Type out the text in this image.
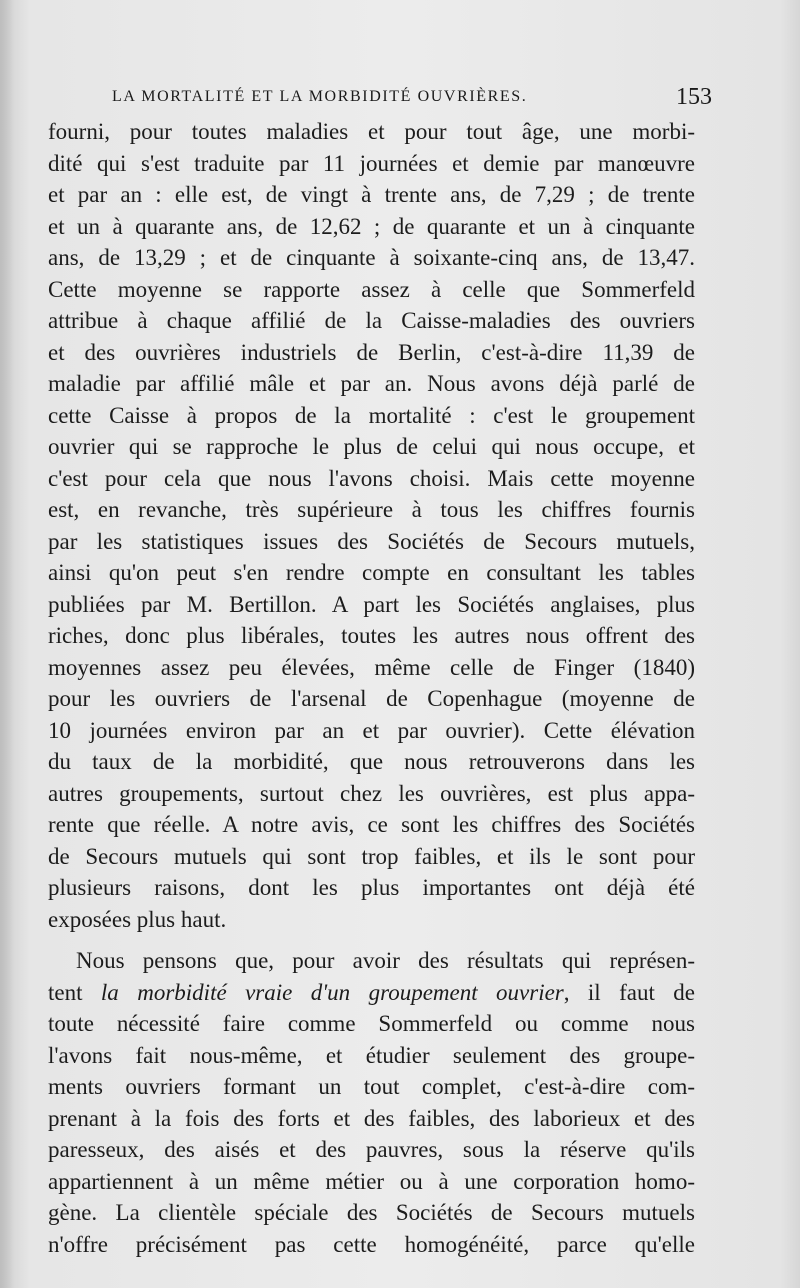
LA MORTALITÉ ET LA MORBIDITÉ OUVRIÈRES.	153
fourni, pour toutes maladies et pour tout âge, une morbi-
dité qui s'est traduite par 11 journées et demie par manœuvre
et par an : elle est, de vingt à trente ans, de 7,29 ; de trente
et un à quarante ans, de 12,62 ; de quarante et un à cinquante
ans, de 13,29 ; et de cinquante à soixante-cinq ans, de 13,47.
Cette moyenne se rapporte assez à celle que Sommerfeld
attribue à chaque affilié de la Caisse-maladies des ouvriers
et des ouvrières industriels de Berlin, c'est-à-dire 11,39 de
maladie par affilié mâle et par an. Nous avons déjà parlé de
cette Caisse à propos de la mortalité : c'est le groupement
ouvrier qui se rapproche le plus de celui qui nous occupe, et
c'est pour cela que nous l'avons choisi. Mais cette moyenne
est, en revanche, très supérieure à tous les chiffres fournis
par les statistiques issues des Sociétés de Secours mutuels,
ainsi qu'on peut s'en rendre compte en consultant les tables
publiées par M. Bertillon. A part les Sociétés anglaises, plus
riches, donc plus libérales, toutes les autres nous offrent des
moyennes assez peu élevées, même celle de Finger (1840)
pour les ouvriers de l'arsenal de Copenhague (moyenne de
10 journées environ par an et par ouvrier). Cette élévation
du taux de la morbidité, que nous retrouverons dans les
autres groupements, surtout chez les ouvrières, est plus appa-
rente que réelle. A notre avis, ce sont les chiffres des Sociétés
de Secours mutuels qui sont trop faibles, et ils le sont pour
plusieurs raisons, dont les plus importantes ont déjà été
exposées plus haut.
Nous pensons que, pour avoir des résultats qui représen-
tent la morbidité vraie d'un groupement ouvrier, il faut de
toute nécessité faire comme Sommerfeld ou comme nous
l'avons fait nous-même, et étudier seulement des groupe-
ments ouvriers formant un tout complet, c'est-à-dire com-
prenant à la fois des forts et des faibles, des laborieux et des
paresseux, des aisés et des pauvres, sous la réserve qu'ils
appartiennent à un même métier ou à une corporation homo-
gène. La clientèle spéciale des Sociétés de Secours mutuels
n'offre précisément pas cette homogénéité, parce qu'elle
